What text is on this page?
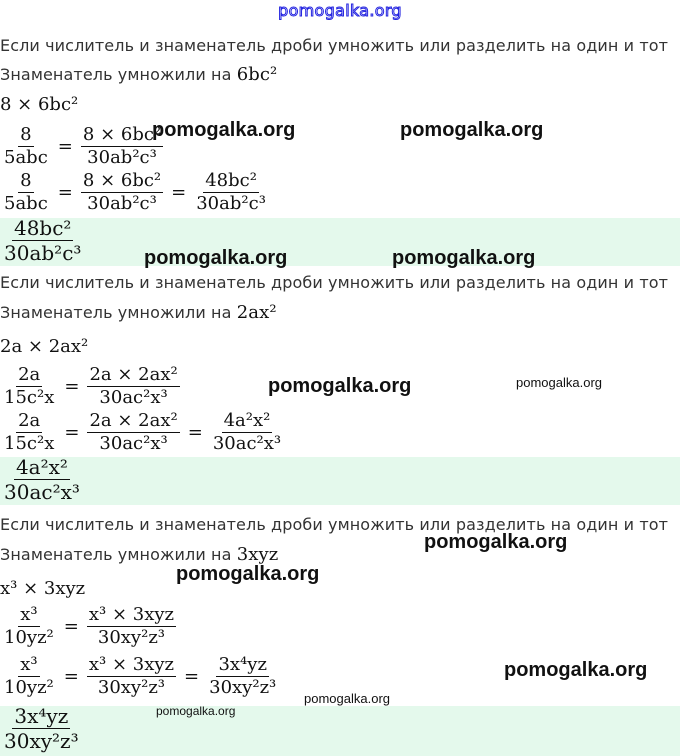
pomogalka.org
Если числитель и знаменатель дроби умножить или разделить на один и тот
Знаменатель умножили на 6bc²
8 × 6bc²
$\frac{8}{\text{5abc}} = \frac{\text{8 × 6bc²}}{\text{30ab²c³}}$
$\frac{8}{\text{5abc}} = \frac{\text{8 × 6bc²}}{\text{30ab²c³}} = \frac{\text{48bc²}}{\text{30ab²c³}}$
$\frac{\text{48bc²}}{\text{30ab²c³}}$
Если числитель и знаменатель дроби умножить или разделить на один и тот
Знаменатель умножили на 2ax²
2a × 2ax²
$\frac{2a}{\text{15c²x}} = \frac{\text{2a × 2ax²}}{\text{30ac²x³}}$
$\frac{2a}{\text{15c²x}} = \frac{\text{2a × 2ax²}}{\text{30ac²x³}} = \frac{\text{4a²x²}}{\text{30ac²x³}}$
$\frac{\text{4a²x²}}{\text{30ac²x³}}$
Если числитель и знаменатель дроби умножить или разделить на один и тот
Знаменатель умножили на 3xyz
x³ × 3xyz
$\frac{\text{x³}}{\text{10yz²}} = \frac{\text{x³ × 3xyz}}{\text{30xy²z³}}$
$\frac{\text{x³}}{\text{10yz²}} = \frac{\text{x³ × 3xyz}}{\text{30xy²z³}} = \frac{\text{3x⁴yz}}{\text{30xy²z³}}$
$\frac{\text{3x⁴yz}}{\text{30xy²z³}}$
pomogalka.org	pomogalka.org
pomogalka.org	pomogalka.org
pomogalka.org	pomogalka.org
pomogalka.org
pomogalka.org
pomogalka.org
pomogalka.org
pomogalka.org
